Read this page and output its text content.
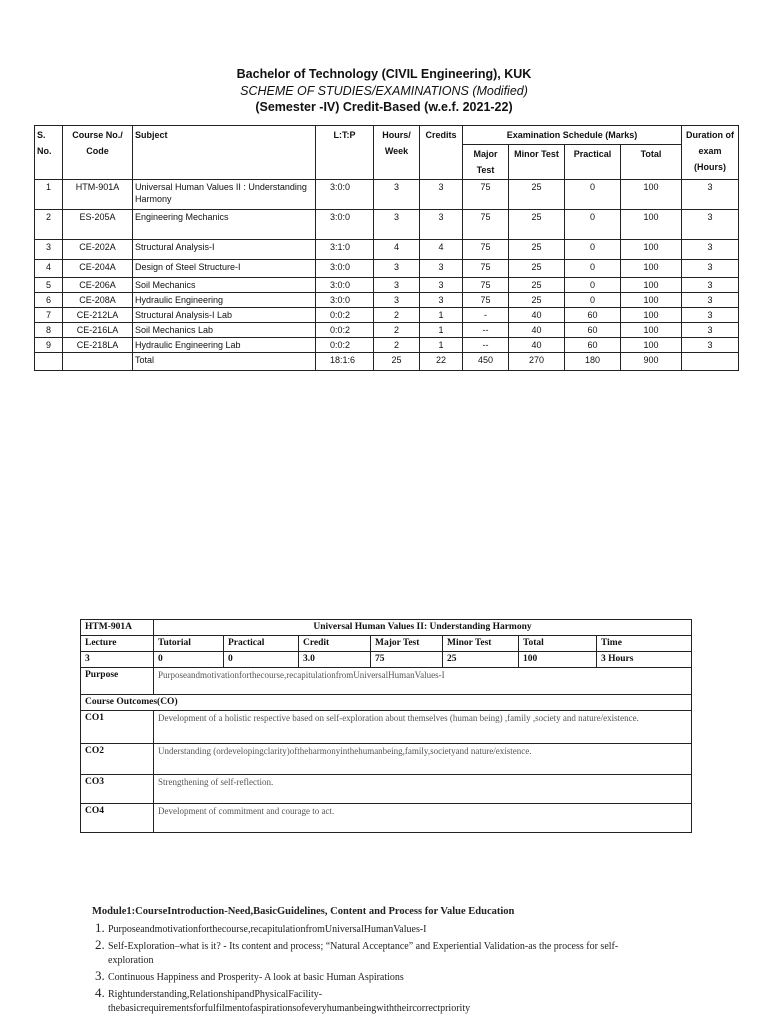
Bachelor of Technology (CIVIL Engineering), KUK
SCHEME OF STUDIES/EXAMINATIONS (Modified)
(Semester -IV) Credit-Based (w.e.f. 2021-22)
S. No.	Course No./ Code	Subject	L:T:P	Hours/ Week	Credits	Examination Schedule (Marks)				Duration of exam (Hours)
						Major Test	Minor Test	Practical	Total	
1	HTM-901A	Universal Human Values II : Understanding Harmony	3:0:0	3	3	75	25	0	100	3
2	ES-205A	Engineering Mechanics	3:0:0	3	3	75	25	0	100	3
3	CE-202A	Structural Analysis-I	3:1:0	4	4	75	25	0	100	3
4	CE-204A	Design of Steel Structure-I	3:0:0	3	3	75	25	0	100	3
5	CE-206A	Soil Mechanics	3:0:0	3	3	75	25	0	100	3
6	CE-208A	Hydraulic Engineering	3:0:0	3	3	75	25	0	100	3
7	CE-212LA	Structural Analysis-I Lab	0:0:2	2	1	-	40	60	100	3
8	CE-216LA	Soil Mechanics Lab	0:0:2	2	1	--	40	60	100	3
9	CE-218LA	Hydraulic Engineering Lab	0:0:2	2	1	--	40	60	100	3
		Total	18:1:6	25	22	450	270	180	900	
HTM-901A	Universal Human Values II: Understanding Harmony						
Lecture	Tutorial	Practical	Credit	Major Test	Minor Test	Total	Time
3	0	0	3.0	75	25	100	3 Hours
Purpose	Purposeandmotivationforthecourse,recapitulationfromUniversalHumanValues-I						
Course Outcomes(CO)							
CO1	Development of a holistic respective based on self-exploration about themselves (human being) ,family ,society and nature/existence.						
CO2	Understanding (ordevelopingclarity)oftheharmonyinthehumanbeing,family,societyand nature/existence.						
CO3	Strengthening of self-reflection.						
CO4	Development of commitment and courage to act.						
Module1:CourseIntroduction-Need,BasicGuidelines, Content and Process for Value Education
1. Purposeandmotivationforthecourse,recapitulationfromUniversalHumanValues-I
2. Self-Exploration–what is it? - Its content and process; “Natural Acceptance” and Experiential Validation-as the process for self-exploration
3. Continuous Happiness and Prosperity- A look at basic Human Aspirations
4. Rightunderstanding,RelationshipandPhysicalFacility- thebasicrequirementsforfulfilmentofaspirationsofeveryhumanbeingwiththeircorrectpriority
